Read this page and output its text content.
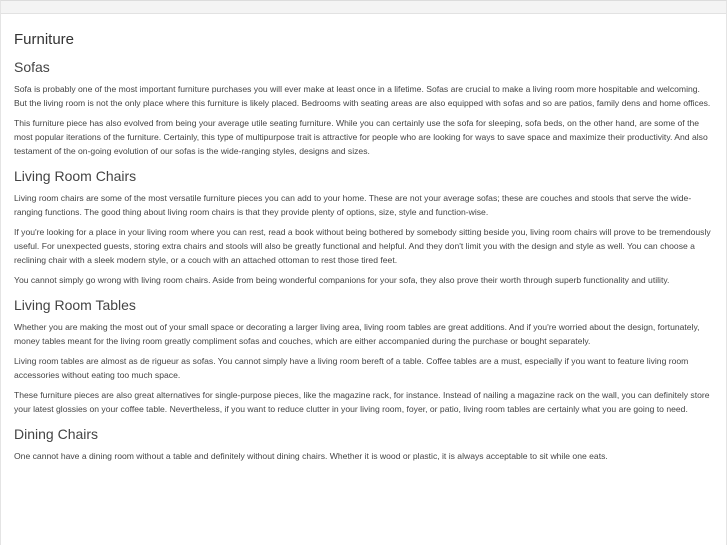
Furniture
Sofas

Sofa is probably one of the most important furniture purchases you will ever make at least once in a lifetime. Sofas are crucial to make a living room more hospitable and welcoming. But the living room is not the only place where this furniture is likely placed. Bedrooms with seating areas are also equipped with sofas and so are patios, family dens and home offices.

This furniture piece has also evolved from being your average utile seating furniture. While you can certainly use the sofa for sleeping, sofa beds, on the other hand, are some of the most popular iterations of the furniture. Certainly, this type of multipurpose trait is attractive for people who are looking for ways to save space and maximize their productivity. And also testament of the on-going evolution of our sofas is the wide-ranging styles, designs and sizes.

Living Room Chairs

Living room chairs are some of the most versatile furniture pieces you can add to your home. These are not your average sofas; these are couches and stools that serve the wide-ranging functions. The good thing about living room chairs is that they provide plenty of options, size, style and function-wise.

If you're looking for a place in your living room where you can rest, read a book without being bothered by somebody sitting beside you, living room chairs will prove to be tremendously useful. For unexpected guests, storing extra chairs and stools will also be greatly functional and helpful. And they don't limit you with the design and style as well. You can choose a reclining chair with a sleek modern style, or a couch with an attached ottoman to rest those tired feet.

You cannot simply go wrong with living room chairs. Aside from being wonderful companions for your sofa, they also prove their worth through superb functionality and utility.

Living Room Tables

Whether you are making the most out of your small space or decorating a larger living area, living room tables are great additions. And if you're worried about the design, fortunately, money tables meant for the living room greatly compliment sofas and couches, which are either accompanied during the purchase or bought separately.

Living room tables are almost as de rigueur as sofas. You cannot simply have a living room bereft of a table. Coffee tables are a must, especially if you want to feature living room accessories without eating too much space.

These furniture pieces are also great alternatives for single-purpose pieces, like the magazine rack, for instance. Instead of nailing a magazine rack on the wall, you can definitely store your latest glossies on your coffee table. Nevertheless, if you want to reduce clutter in your living room, foyer, or patio, living room tables are certainly what you are going to need.

Dining Chairs

One cannot have a dining room without a table and definitely without dining chairs. Whether it is wood or plastic, it is always acceptable to sit while one eats.
